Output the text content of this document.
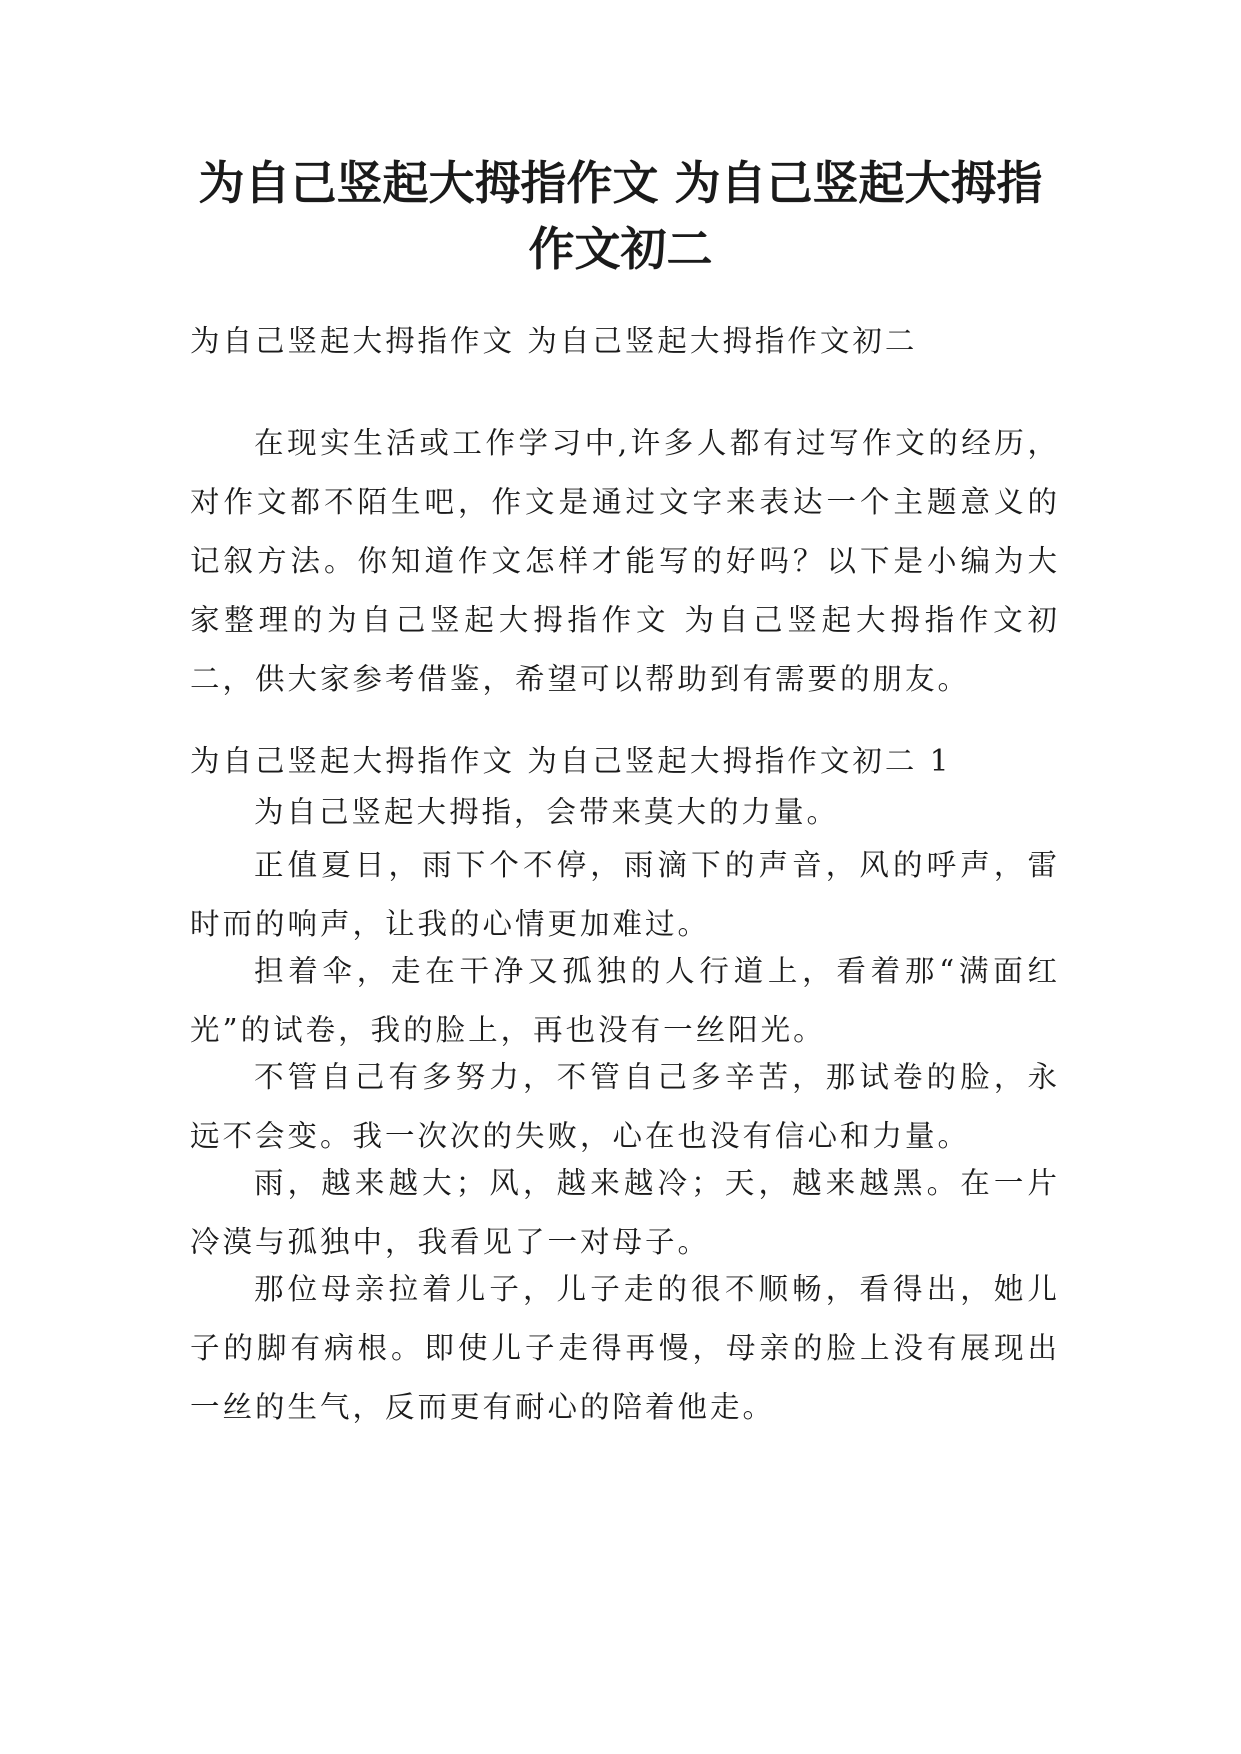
为自己竖起大拇指作文 为自己竖起大拇指
作文初二

为自己竖起大拇指作文 为自己竖起大拇指作文初二

在现实生活或工作学习中,许多人都有过写作文的经历，对作文都不陌生吧，作文是通过文字来表达一个主题意义的记叙方法。你知道作文怎样才能写的好吗？以下是小编为大家整理的为自己竖起大拇指作文 为自己竖起大拇指作文初二，供大家参考借鉴，希望可以帮助到有需要的朋友。

为自己竖起大拇指作文 为自己竖起大拇指作文初二 1

为自己竖起大拇指，会带来莫大的力量。

正值夏日，雨下个不停，雨滴下的声音，风的呼声，雷时而的响声，让我的心情更加难过。

担着伞，走在干净又孤独的人行道上，看着那“满面红光”的试卷，我的脸上，再也没有一丝阳光。

不管自己有多努力，不管自己多辛苦，那试卷的脸，永远不会变。我一次次的失败，心在也没有信心和力量。

雨，越来越大；风，越来越冷；天，越来越黑。在一片冷漠与孤独中，我看见了一对母子。

那位母亲拉着儿子，儿子走的很不顺畅，看得出，她儿子的脚有病根。即使儿子走得再慢，母亲的脸上没有展现出一丝的生气，反而更有耐心的陪着他走。
